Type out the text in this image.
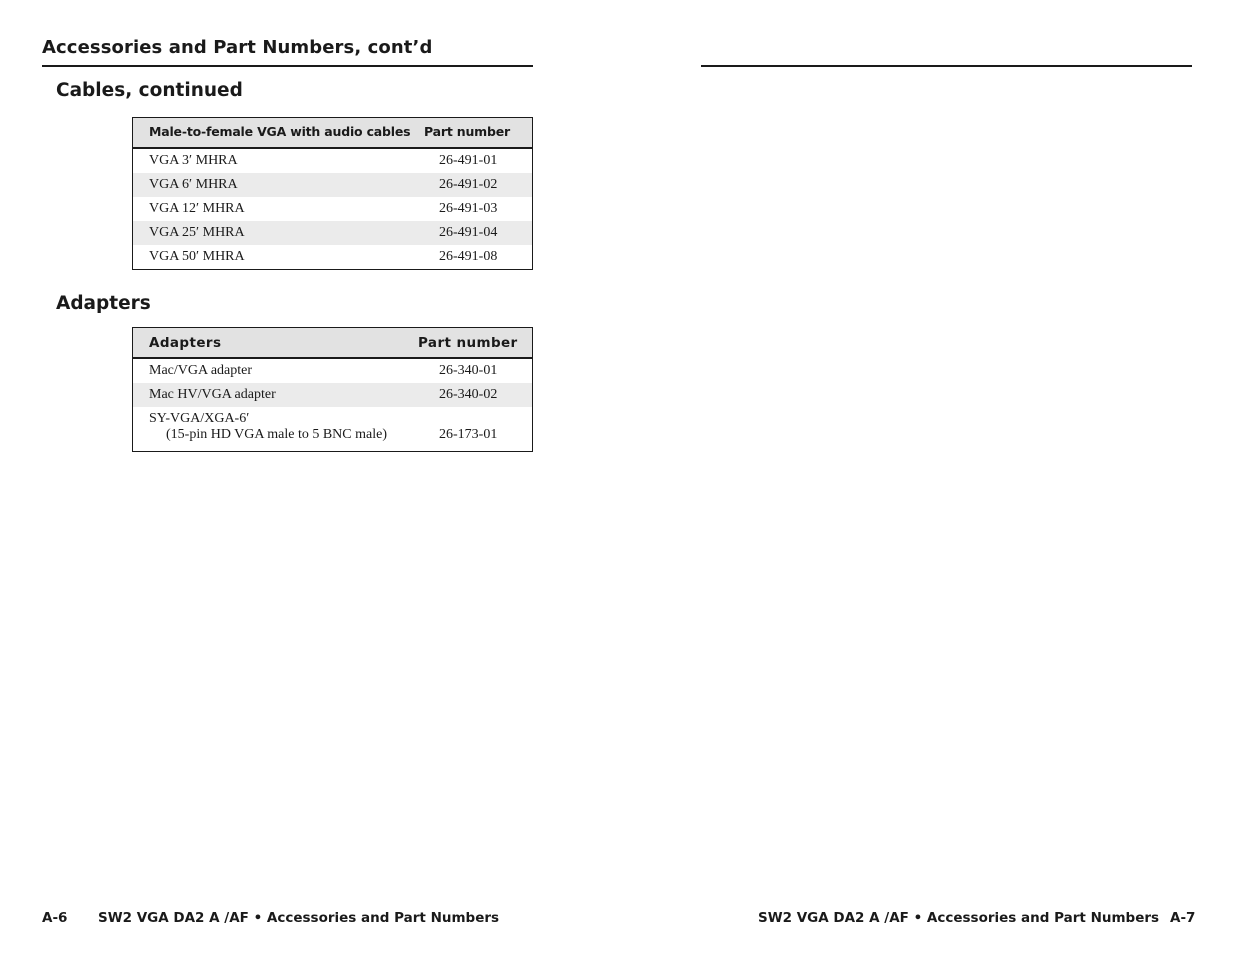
Accessories and Part Numbers, cont’d
Cables, continued
Male-to-female VGA with audio cables Part number
VGA 3′ MHRA	26-491-01
VGA 6′ MHRA	26-491-02
VGA 12′ MHRA	26-491-03
VGA 25′ MHRA	26-491-04
VGA 50′ MHRA	26-491-08
Adapters
Adapters	Part number
Mac/VGA adapter	26-340-01
Mac HV/VGA adapter	26-340-02
SY-VGA/XGA-6′
(15-pin HD VGA male to 5 BNC male)	26-173-01
A-6 SW2 VGA DA2 A /AF • Accessories and Part Numbers	SW2 VGA DA2 A /AF • Accessories and Part Numbers A-7
